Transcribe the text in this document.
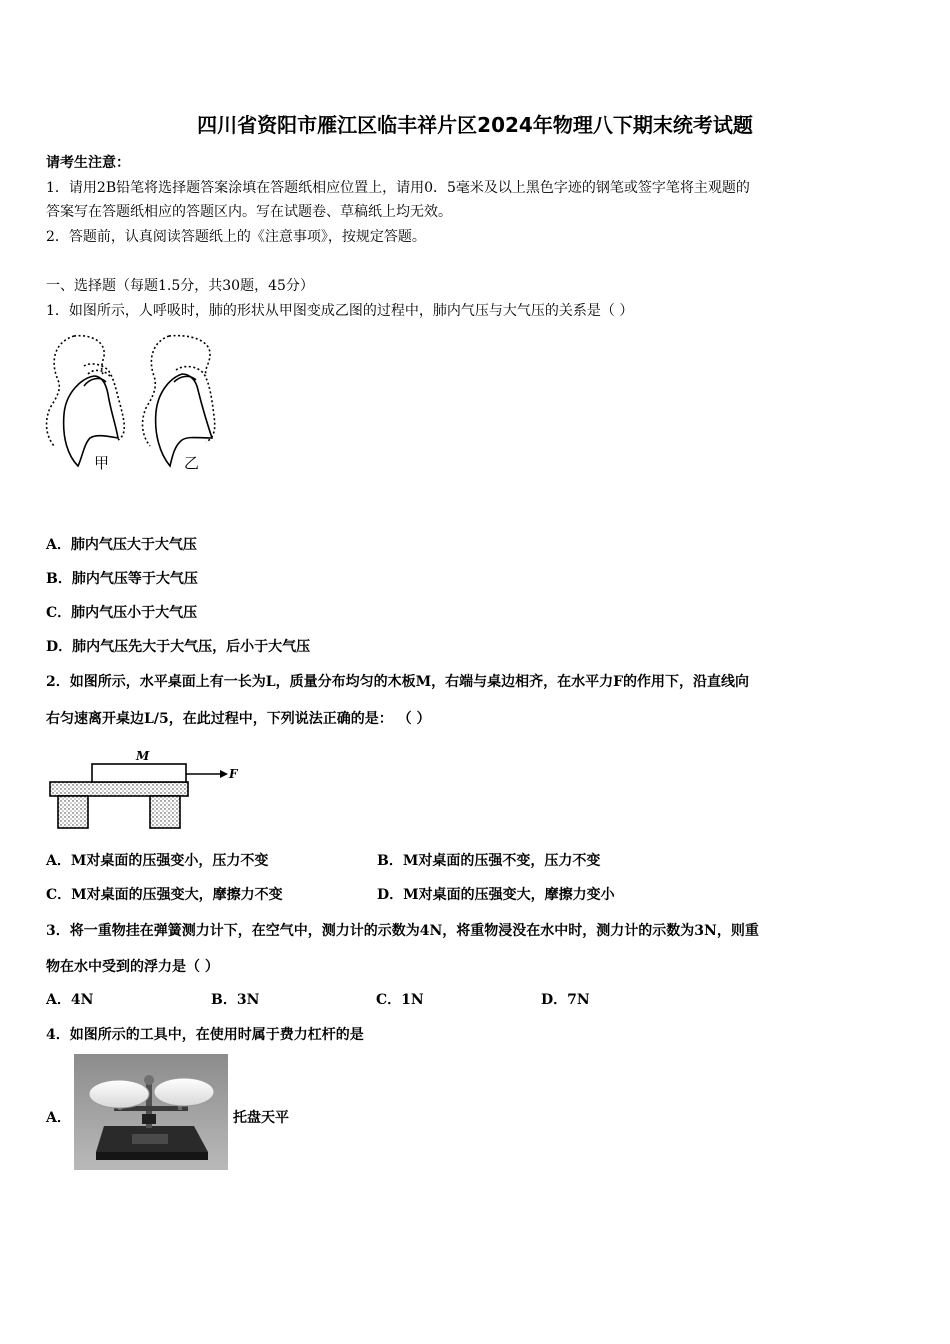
四川省资阳市雁江区临丰祥片区2024年物理八下期末统考试题
请考生注意：
1．请用2B铅笔将选择题答案涂填在答题纸相应位置上，请用0．5毫米及以上黑色字迹的钢笔或签字笔将主观题的
答案写在答题纸相应的答题区内。写在试题卷、草稿纸上均无效。
2．答题前，认真阅读答题纸上的《注意事项》，按规定答题。
一、选择题（每题1.5分，共30题，45分）
1．如图所示，人呼吸时，肺的形状从甲图变成乙图的过程中，肺内气压与大气压的关系是（ ）
甲	乙
A．肺内气压大于大气压
B．肺内气压等于大气压
C．肺内气压小于大气压
D．肺内气压先大于大气压，后小于大气压
2．如图所示，水平桌面上有一长为L，质量分布均匀的木板M，右端与桌边相齐，在水平力F的作用下，沿直线向
右匀速离开桌边L/5，在此过程中，下列说法正确的是： （ ）
M
F
A．M对桌面的压强变小，压力不变	B．M对桌面的压强不变，压力不变
C．M对桌面的压强变大，摩擦力不变	D．M对桌面的压强变大，摩擦力变小
3．将一重物挂在弹簧测力计下，在空气中，测力计的示数为4N，将重物浸没在水中时，测力计的示数为3N，则重
物在水中受到的浮力是（ ）
A．4N	B．3N	C．1N	D．7N
4．如图所示的工具中，在使用时属于费力杠杆的是
A．	托盘天平
